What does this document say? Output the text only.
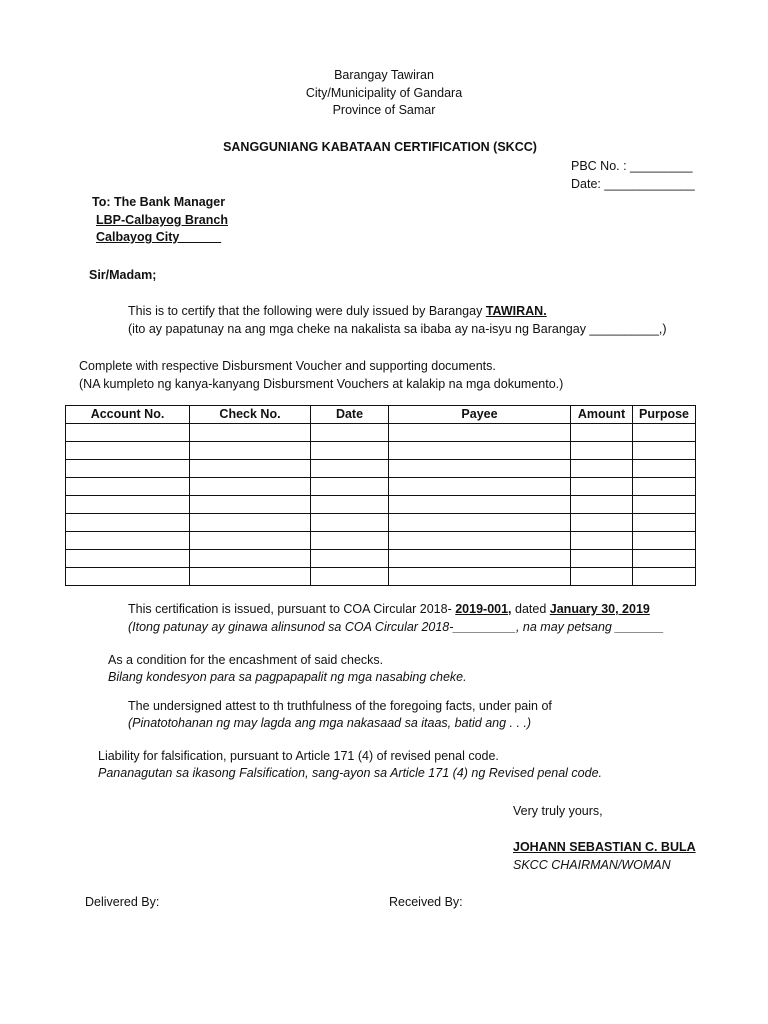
Barangay Tawiran
City/Municipality of Gandara
Province of Samar
SANGGUNIANG KABATAAN CERTIFICATION (SKCC)
PBC No. : _________
Date: _____________
To: The Bank Manager
LBP-Calbayog Branch
Calbayog City______
Sir/Madam;
This is to certify that the following were duly issued by Barangay TAWIRAN.
(ito ay papatunay na ang mga cheke na nakalista sa ibaba ay na-isyu ng Barangay __________,)
Complete with respective Disbursment Voucher and supporting documents.
(NA kumpleto ng kanya-kanyang Disbursment Vouchers at kalakip na mga dokumento.)
Account No.	Check No.	Date	Payee	Amount	Purpose

This certification is issued, pursuant to COA Circular 2018- 2019-001, dated January 30, 2019
(Itong patunay ay ginawa alinsunod sa COA Circular 2018-_________, na may petsang _______
As a condition for the encashment of said checks.
Bilang kondesyon para sa pagpapapalit ng mga nasabing cheke.
The undersigned attest to th truthfulness of the foregoing facts, under pain of
(Pinatotohanan ng may lagda ang mga nakasaad sa itaas, batid ang . . .)
Liability for falsification, pursuant to Article 171 (4) of revised penal code.
Pananagutan sa ikasong Falsification, sang-ayon sa Article 171 (4) ng Revised penal code.
Very truly yours,
JOHANN SEBASTIAN C. BULA
SKCC CHAIRMAN/WOMAN
Delivered By:	Received By:
